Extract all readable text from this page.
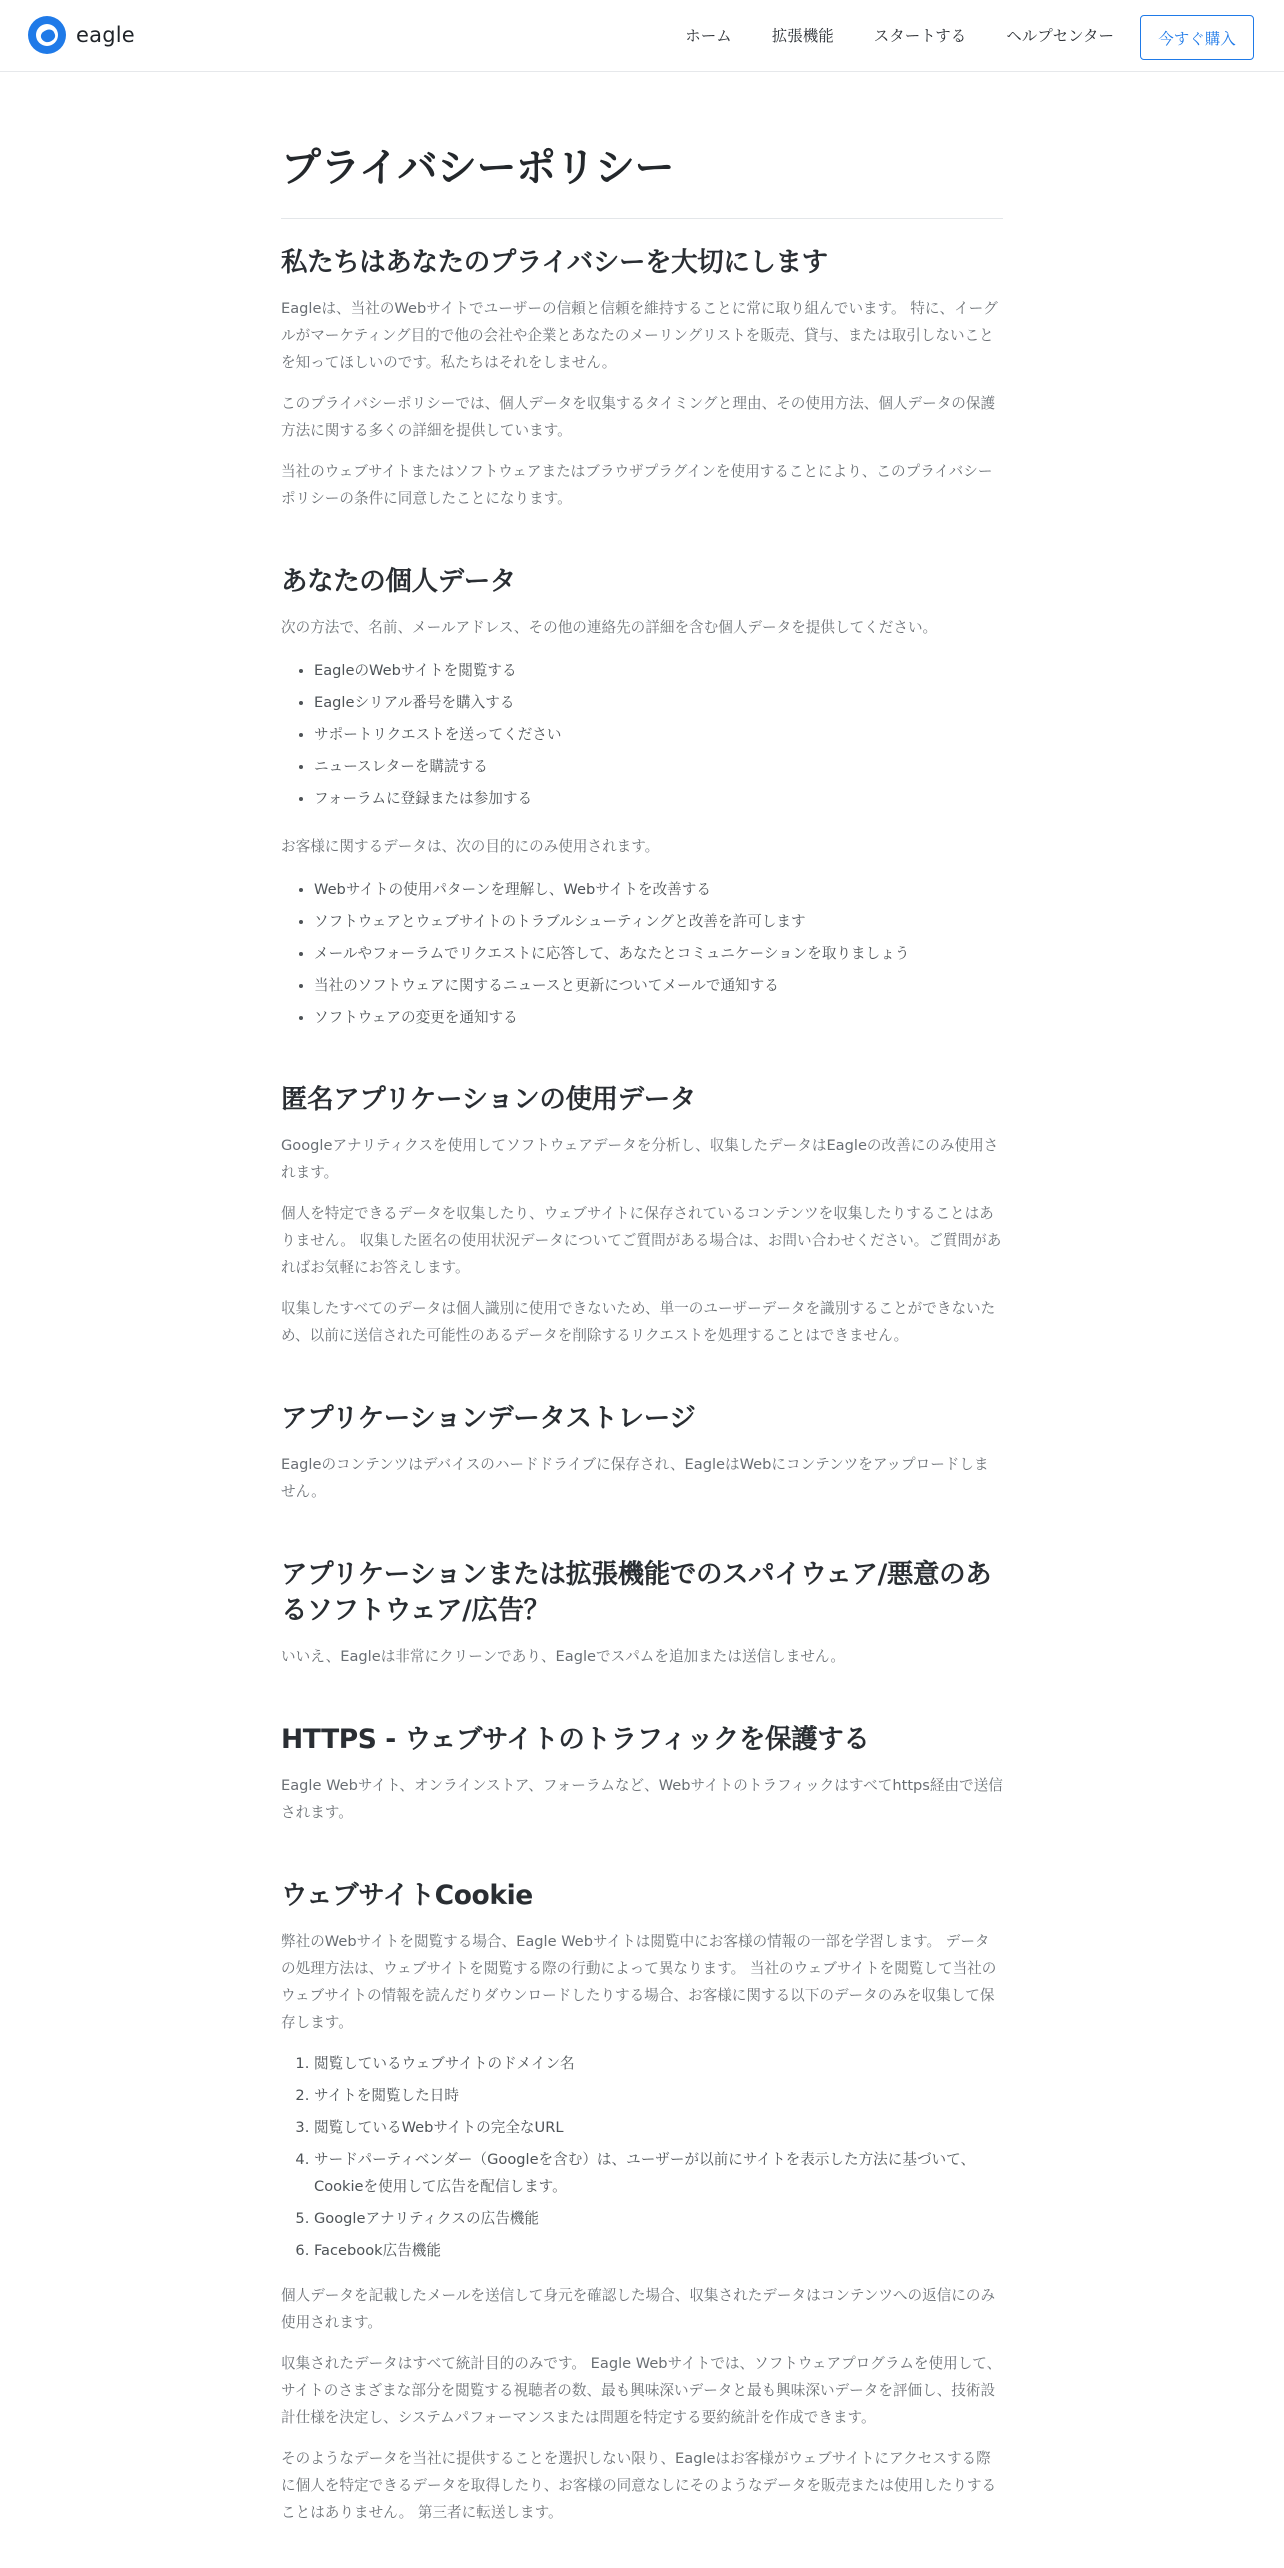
eagle	ホーム	拡張機能	スタートする	ヘルプセンター	今すぐ購入
プライバシーポリシー
私たちはあなたのプライバシーを大切にします

Eagleは、当社のWebサイトでユーザーの信頼と信頼を維持することに常に取り組んでいます。 特に、イーグルがマーケティング目的で他の会社や企業とあなたのメーリングリストを販売、貸与、または取引しないことを知ってほしいのです。私たちはそれをしません。

このプライバシーポリシーでは、個人データを収集するタイミングと理由、その使用方法、個人データの保護方法に関する多くの詳細を提供しています。

当社のウェブサイトまたはソフトウェアまたはブラウザプラグインを使用することにより、このプライバシーポリシーの条件に同意したことになります。

あなたの個人データ

次の方法で、名前、メールアドレス、その他の連絡先の詳細を含む個人データを提供してください。

• EagleのWebサイトを閲覧する
• Eagleシリアル番号を購入する
• サポートリクエストを送ってください
• ニュースレターを購読する
• フォーラムに登録または参加する

お客様に関するデータは、次の目的にのみ使用されます。

• Webサイトの使用パターンを理解し、Webサイトを改善する
• ソフトウェアとウェブサイトのトラブルシューティングと改善を許可します
• メールやフォーラムでリクエストに応答して、あなたとコミュニケーションを取りましょう
• 当社のソフトウェアに関するニュースと更新についてメールで通知する
• ソフトウェアの変更を通知する
匿名アプリケーションの使用データ

Googleアナリティクスを使用してソフトウェアデータを分析し、収集したデータはEagleの改善にのみ使用されます。

個人を特定できるデータを収集したり、ウェブサイトに保存されているコンテンツを収集したりすることはありません。 収集した匿名の使用状況データについてご質問がある場合は、お問い合わせください。ご質問があればお気軽にお答えします。

収集したすべてのデータは個人識別に使用できないため、単一のユーザーデータを識別することができないため、以前に送信された可能性のあるデータを削除するリクエストを処理することはできません。

アプリケーションデータストレージ

Eagleのコンテンツはデバイスのハードドライブに保存され、EagleはWebにコンテンツをアップロードしません。

アプリケーションまたは拡張機能でのスパイウェア/悪意のあるソフトウェア/広告？

いいえ、Eagleは非常にクリーンであり、Eagleでスパムを追加または送信しません。

HTTPS - ウェブサイトのトラフィックを保護する

Eagle Webサイト、オンラインストア、フォーラムなど、Webサイトのトラフィックはすべてhttps経由で送信されます。

ウェブサイトCookie

弊社のWebサイトを閲覧する場合、Eagle Webサイトは閲覧中にお客様の情報の一部を学習します。 データの処理方法は、ウェブサイトを閲覧する際の行動によって異なります。 当社のウェブサイトを閲覧して当社のウェブサイトの情報を読んだりダウンロードしたりする場合、お客様に関する以下のデータのみを収集して保存します。

1. 閲覧しているウェブサイトのドメイン名
2. サイトを閲覧した日時
3. 閲覧しているWebサイトの完全なURL
4. サードパーティベンダー（Googleを含む）は、ユーザーが以前にサイトを表示した方法に基づいて、Cookieを使用して広告を配信します。
5. Googleアナリティクスの広告機能
6. Facebook広告機能

個人データを記載したメールを送信して身元を確認した場合、収集されたデータはコンテンツへの返信にのみ使用されます。

収集されたデータはすべて統計目的のみです。 Eagle Webサイトでは、ソフトウェアプログラムを使用して、サイトのさまざまな部分を閲覧する視聴者の数、最も興味深いデータと最も興味深いデータを評価し、技術設計仕様を決定し、システムパフォーマンスまたは問題を特定する要約統計を作成できます。

そのようなデータを当社に提供することを選択しない限り、Eagleはお客様がウェブサイトにアクセスする際に個人を特定できるデータを取得したり、お客様の同意なしにそのようなデータを販売または使用したりすることはありません。 第三者に転送します。
